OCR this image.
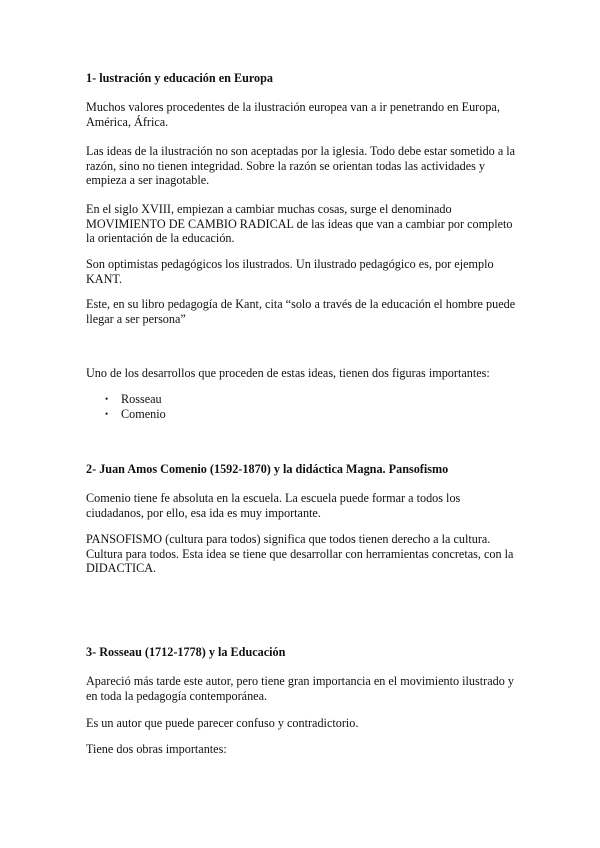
1- lustración y educación en Europa

Muchos valores procedentes de la ilustración europea van a ir penetrando en Europa, América, África.

Las ideas de la ilustración no son aceptadas por la iglesia. Todo debe estar sometido a la razón, sino no tienen integridad. Sobre la razón se orientan todas las actividades y empieza a ser inagotable.

En el siglo XVIII, empiezan a cambiar muchas cosas, surge el denominado MOVIMIENTO DE CAMBIO RADICAL de las ideas que van a cambiar por completo la orientación de la educación.

Son optimistas pedagógicos los ilustrados. Un ilustrado pedagógico es, por ejemplo KANT.

Este, en su libro pedagogía de Kant, cita “solo a través de la educación el hombre puede llegar a ser persona”

Uno de los desarrollos que proceden de estas ideas, tienen dos figuras importantes:

• Rosseau
• Comenio
2- Juan Amos Comenio (1592-1870) y la didáctica Magna. Pansofismo

Comenio tiene fe absoluta en la escuela. La escuela puede formar a todos los ciudadanos, por ello, esa ida es muy importante.

PANSOFISMO (cultura para todos) significa que todos tienen derecho a la cultura. Cultura para todos. Esta idea se tiene que desarrollar con herramientas concretas, con la DIDACTICA.

3- Rosseau (1712-1778) y la Educación

Apareció más tarde este autor, pero tiene gran importancia en el movimiento ilustrado y en toda la pedagogía contemporánea.

Es un autor que puede parecer confuso y contradictorio.

Tiene dos obras importantes:
